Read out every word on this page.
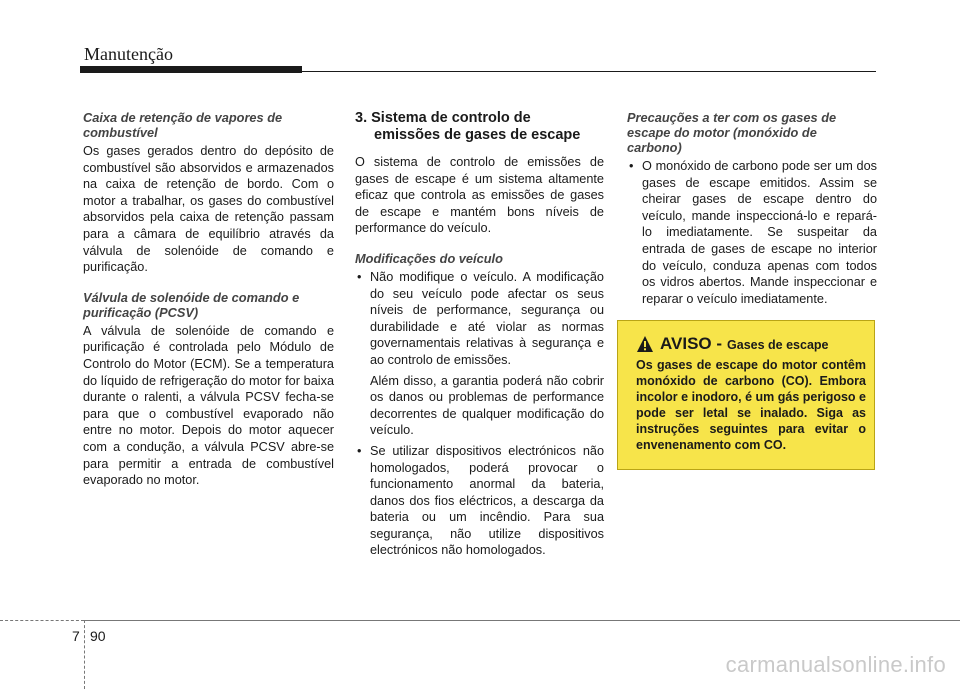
Manutenção
Caixa de retenção de vapores de
combustível

Os gases gerados dentro do depósito de combustível são absorvidos e armazenados na caixa de retenção de bordo. Com o motor a trabalhar, os gases do combustível absorvidos pela caixa de retenção passam para a câmara de equilíbrio através da válvula de solenóide de comando e purificação.

Válvula de solenóide de comando e
purificação (PCSV)

A válvula de solenóide de comando e purificação é controlada pelo Módulo de Controlo do Motor (ECM). Se a temperatura do líquido de refrigeração do motor for baixa durante o ralenti, a válvula PCSV fecha-se para que o combustível evaporado não entre no motor. Depois do motor aquecer com a condução, a válvula PCSV abre-se para permitir a entrada de combustível evaporado no motor.

3. Sistema de controlo de
emissões de gases de escape

O sistema de controlo de emissões de gases de escape é um sistema altamente eficaz que controla as emissões de gases de escape e mantém bons níveis de performance do veículo.

Modificações do veículo

• Não modifique o veículo. A modificação do seu veículo pode afectar os seus níveis de performance, segurança ou durabilidade e até violar as normas governamentais relativas à segurança e ao controlo de emissões.

Além disso, a garantia poderá não cobrir os danos ou problemas de performance decorrentes de qualquer modificação do veículo.

• Se utilizar dispositivos electrónicos não homologados, poderá provocar o funcionamento anormal da bateria, danos dos fios eléctricos, a descarga da bateria ou um incêndio. Para sua segurança, não utilize dispositivos electrónicos não homologados.

Precauções a ter com os gases de
escape do motor (monóxido de
carbono)

• O monóxido de carbono pode ser um dos gases de escape emitidos. Assim se cheirar gases de escape dentro do veículo, mande inspeccioná-lo e repará-lo imediatamente. Se suspeitar da entrada de gases de escape no interior do veículo, conduza apenas com todos os vidros abertos. Mande inspeccionar e reparar o veículo imediatamente.

AVISO - Gases de escape
Os gases de escape do motor contêm monóxido de carbono (CO). Embora incolor e inodoro, é um gás perigoso e pode ser letal se inalado. Siga as instruções seguintes para evitar o envenenamento com CO.
7 90
carmanualsonline.info
